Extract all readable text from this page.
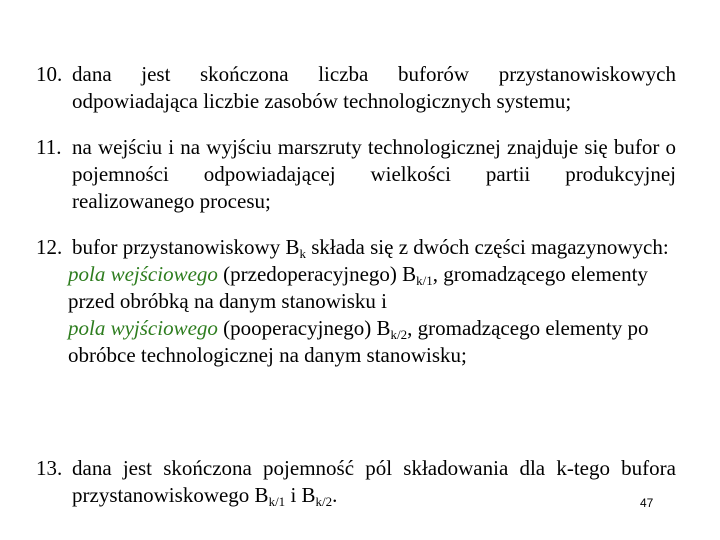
10. dana jest skończona liczba buforów przystanowiskowych odpowiadająca liczbie zasobów technologicznych systemu;
11. na wejściu i na wyjściu marszruty technologicznej znajduje się bufor o pojemności odpowiadającej wielkości partii produkcyjnej realizowanego procesu;
12. bufor przystanowiskowy $B_k$ składa się z dwóch części magazynowych:
pola wejściowego (przedoperacyjnego) $B_{k/1}$, gromadzącego elementy przed obróbką na danym stanowisku i
pola wyjściowego (pooperacyjnego) $B_{k/2}$, gromadzącego elementy po obróbce technologicznej na danym stanowisku;
13. dana jest skończona pojemność pól składowania dla k-tego bufora przystanowiskowego $B_{k/1}$ i $B_{k/2}$.	47
